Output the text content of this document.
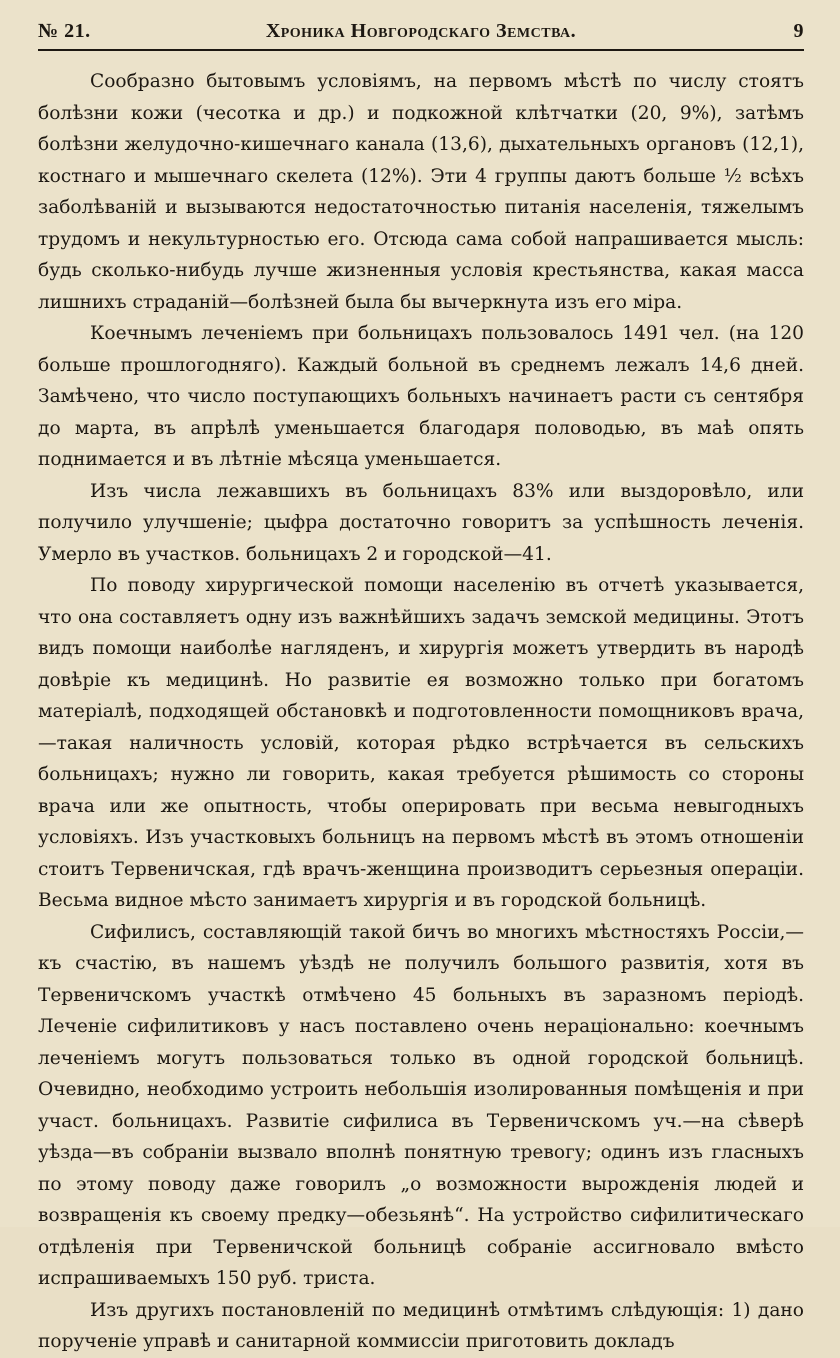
№ 21.	Хроника Новгородскаго Земства.	9

Сообразно бытовымъ условіямъ, на первомъ мѣстѣ по числу стоятъ болѣзни кожи (чесотка и др.) и подкожной клѣтчатки (20, 9%), затѣмъ болѣзни желудочно-кишечнаго канала (13,6), дыхательныхъ органовъ (12,1), костнаго и мышечнаго скелета (12%). Эти 4 группы даютъ больше ½ всѣхъ заболѣваній и вызываются недостаточностью питанія населенія, тяжелымъ трудомъ и некультурностью его. Отсюда сама собой напрашивается мысль: будь сколько-нибудь лучше жизненныя условія крестьянства, какая масса лишнихъ страданій—болѣзней была бы вычеркнута изъ его міра.

Коечнымъ леченіемъ при больницахъ пользовалось 1491 чел. (на 120 больше прошлогодняго). Каждый больной въ среднемъ лежалъ 14,6 дней. Замѣчено, что число поступающихъ больныхъ начинаетъ расти съ сентября до марта, въ апрѣлѣ уменьшается благодаря половодью, въ маѣ опять поднимается и въ лѣтніе мѣсяца уменьшается.

Изъ числа лежавшихъ въ больницахъ 83% или выздоровѣло, или получило улучшеніе; цыфра достаточно говоритъ за успѣшность леченія. Умерло въ участков. больницахъ 2 и городской—41.

По поводу хирургической помощи населенію въ отчетѣ указывается, что она составляетъ одну изъ важнѣйшихъ задачъ земской медицины. Этотъ видъ помощи наиболѣе нагляденъ, и хирургія можетъ утвердить въ народѣ довѣріе къ медицинѣ. Но развитіе ея возможно только при богатомъ матеріалѣ, подходящей обстановкѣ и подготовленности помощниковъ врача,—такая наличность условій, которая рѣдко встрѣчается въ сельскихъ больницахъ; нужно ли говорить, какая требуется рѣшимость со стороны врача или же опытность, чтобы оперировать при весьма невыгодныхъ условіяхъ. Изъ участковыхъ больницъ на первомъ мѣстѣ въ этомъ отношеніи стоитъ Тервеничская, гдѣ врачъ-женщина производитъ серьезныя операціи. Весьма видное мѣсто занимаетъ хирургія и въ городской больницѣ.

Сифилисъ, составляющій такой бичъ во многихъ мѣстностяхъ Россіи,—къ счастію, въ нашемъ уѣздѣ не получилъ большого развитія, хотя въ Тервеничскомъ участкѣ отмѣчено 45 больныхъ въ заразномъ періодѣ. Леченіе сифилитиковъ у насъ поставлено очень нераціонально: коечнымъ леченіемъ могутъ пользоваться только въ одной городской больницѣ. Очевидно, необходимо устроить небольшія изолированныя помѣщенія и при участ. больницахъ. Развитіе сифилиса въ Тервеничскомъ уч.—на сѣверѣ уѣзда—въ собраніи вызвало вполнѣ понятную тревогу; одинъ изъ гласныхъ по этому поводу даже говорилъ „о возможности вырожденія людей и возвращенія къ своему предку—обезьянѣ“. На устройство сифилитическаго отдѣленія при Тервеничской больницѣ собраніе ассигновало вмѣсто испрашиваемыхъ 150 руб. триста.

Изъ другихъ постановленій по медицинѣ отмѣтимъ слѣдующія: 1) дано порученіе управѣ и санитарной коммиссіи приготовить докладъ
